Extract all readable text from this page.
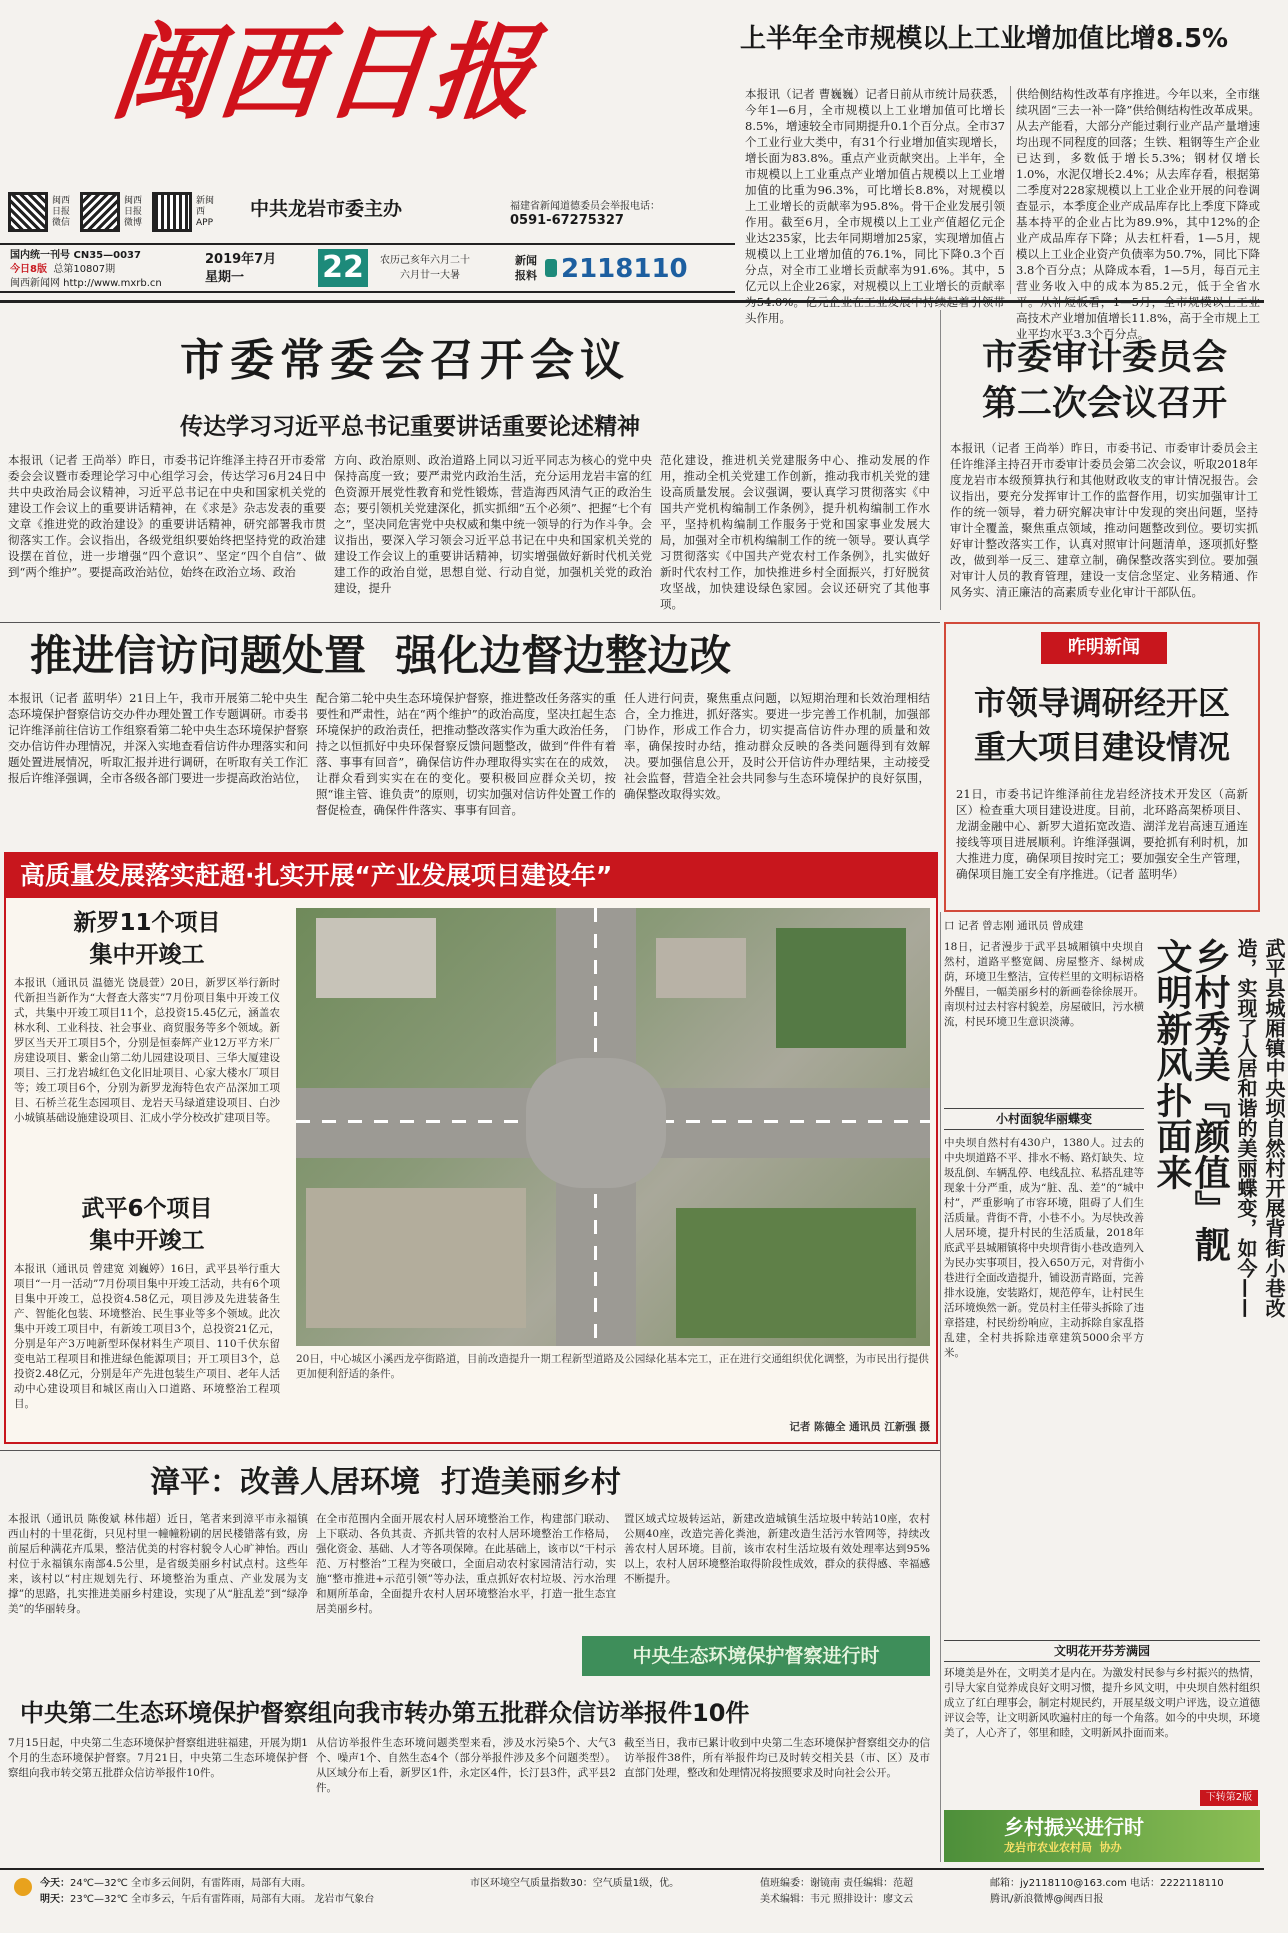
闽西日报
闽西日报微信
闽西日报微博
新闽西APP
中共龙岩市委主办	福建省新闻道德委员会举报电话：
0591-67275327
国内统一刊号 CN35—0037
今日8版 总第10807期
闽西新闻网 http://www.mxrb.cn
2019年7月
星期一	22	农历己亥年六月二十
六月廿一大暑
新闻
报料 2118110
上半年全市规模以上工业增加值比增8.5%
本报讯（记者 曹巍巍）记者日前从市统计局获悉，今年1—6月，全市规模以上工业增加值可比增长8.5%，增速较全市同期提升0.1个百分点。全市37个工业行业大类中，有31个行业增加值实现增长，增长面为83.8%。重点产业贡献突出。上半年，全市规模以上工业重点产业增加值占规模以上工业增加值的比重为96.3%，可比增长8.8%，对规模以上工业增长的贡献率为95.8%。骨干企业发展引领作用。截至6月，全市规模以上工业产值超亿元企业达235家，比去年同期增加25家，实现增加值占规模以上工业增加值的76.1%，同比下降0.3个百分点，对全市工业增长贡献率为91.6%。其中，5亿元以上企业26家，对规模以上工业增长的贡献率 头作用。
供给侧结构性改革有序推进。今年以来，全市继续巩固“三去一补一降”供给侧结构性改革成果。从去产能看，大部分产能过剩行业产品产量增速均出现不同程度的回落；生铁、粗钢等生产企业已达到，多数低于增长5.3%；钢材仅增长1.0%，水泥仅增长2.4%；从去库存看，根据第二季度对228家规模以上工业企业开展的问卷调查显示，本季度企业产成品库存比上季度下降或基本持平的企业占比为89.9%，其中12%的企业产成品库存下降；从去杠杆看，1—5月，规模以上工业企业资产负债率为50.7%，同比下降3.8个百分点；从降成本看，1—5月，每百元主营业务收入中的成本为85.2元，低于全省水 高技术产业增加值增长11.8%，高于全市规上工业平均水平3.3个百分点。
市委常委会召开会议
传达学习习近平总书记重要讲话重要论述精神
本报讯（记者 王尚举）昨日，市委书记许维泽主持召开市委常委会会议暨市委理论学习中心组学习会，传达学习6月24日中共中央政治局会议精神，习近平总书记在中央和国家机关党的建设工作会议上的重要讲话精神，在《求是》杂志发表的重要文章《推进党的政治建设》的重要讲话精神，研究部署我市贯彻落实工作。会议指出，各级党组织要始终把坚持党的政治建设摆在首位，进一步增强“四个意识”、坚定“四个自信”、做到“两个维护”。要提高政治站位，始终在政治立场、政治
方向、政治原则、政治道路上同以习近平同志为核心的党中央保持高度一致；要严肃党内政治生活，充分运用龙岩丰富的红色资源开展党性教育和党性锻炼，营造海西风清气正的政治生态；要引领机关党建深化，抓实抓细“五个必须”、把握“七个有之”，坚决同危害党中央权威和集中统一领导的行为作斗争。会议指出，要深入学习领会习近平总书记在中央和国家机关党的建设工作会议上的重要讲话精神，切实增强做好新时代机关党建工作的政治自觉，思想自觉、行动自觉，加强机关党的政治建设，提升
范化建设，推进机关党建服务中心、推动发展的作用，推动全机关党建工作创新，推动我市机关党的建设高质量发展。会议强调，要认真学习贯彻落实《中国共产党机构编制工作条例》，提升机构编制工作水平，坚持机构编制工作服务于党和国家事业发展大局，加强对全市机构编制工作的统一领导。要认真学习贯彻落实《中国共产党农村工作条例》，扎实做好新时代农村工作，加快推进乡村全面振兴，打好脱贫攻坚战，加快建设绿色家园。会议还研究了其他事项。
市委审计委员会
第二次会议召开
本报讯（记者 王尚举）昨日，市委书记、市委审计委员会主任许维泽主持召开市委审计委员会第二次会议，听取2018年度龙岩市本级预算执行和其他财政收支的审计情况报告。会议指出，要充分发挥审计工作的监督作用，切实加强审计工作的统一领导，着力研究解决审计中发现的突出问题，坚持审计全覆盖，聚焦重点领域，推动问题整改到位。要切实抓好审计整改落实工作，认真对照审计问题清单，逐项抓好整改，做到举一反三、建章立制，确保整改落实到位。要加强对审计人员的教育管理，建设一支信念坚定、业务精通、作风务实、清正廉洁的高素质专业化审计干部队伍。
推进信访问题处置  强化边督边整边改
本报讯（记者 蓝明华）21日上午，我市开展第二轮中央生态环境保护督察信访交办件办理处置工作专题调研。市委书记许维泽前往信访工作组察看第二轮中央生态环境保护督察交办信访件办理情况，并深入实地查看信访件办理落实和问题处置进展情况，听取汇报并进行调研，在听取有关工作汇报后许维泽强调，全市各级各部门要进一步提高政治站位，
配合第二轮中央生态环境保护督察，推进整改任务落实的重要性和严肃性，站在“两个维护”的政治高度，坚决扛起生态环境保护的政治责任，把推动整改落实作为重大政治任务，持之以恒抓好中央环保督察反馈问题整改，做到“件件有着落、事事有回音”，确保信访件办理取得实实在在的成效，让群众看到实实在在的变化。要积极回应群众关切，按照“谁主管、谁负责”的原则，切实加强对信访件处置工作的督促检查，确保件件落实、事事有回音。
任人进行问责，聚焦重点问题，以短期治理和长效治理相结合，全力推进，抓好落实。要进一步完善工作机制，加强部门协作，形成工作合力，切实提高信访件办理的质量和效率，确保按时办结，推动群众反映的各类问题得到有效解决。要加强信息公开，及时公开信访件办理结果，主动接受社会监督，营造全社会共同参与生态环境保护的良好氛围，确保整改取得实效。
昨明新闻
市领导调研经开区
重大项目建设情况
21日，市委书记许维泽前往龙岩经济技术开发区（高新区）检查重大项目建设进度。目前，北环路高架桥项目、龙湖金融中心、新罗大道拓宽改造、湖洋龙岩高速互通连接线等项目进展顺利。许维泽强调，要抢抓有利时机，加大推进力度，确保项目按时完工；要加强安全生产管理，确保项目施工安全有序推进。（记者 蓝明华）
高质量发展落实赶超·扎实开展“产业发展项目建设年”
新罗11个项目
集中开竣工
本报讯（通讯员 温德光 饶晨萱）20日，新罗区举行新时代新担当新作为“大督查大落实”7月份项目集中开竣工仪式，共集中开竣工项目11个，总投资15.45亿元，涵盖农林水利、工业科技、社会事业、商贸服务等多个领域。新罗区当天开工项目5个，分别是恒泰辉产业12万平方米厂房建设项目、紫金山第二幼儿园建设项目、三华大厦建设项目、三打龙岩城红色文化旧址项目、心家大楼水厂项目等；竣工项目6个，分别为新罗龙海特色农产品深加工项目、石桥兰花生态园项目、龙岩天马绿道建设项目、白沙小城镇基础设施建设项目、汇成小学分校改扩建项目等。
武平6个项目
集中开竣工
本报讯（通讯员 曾建宽 刘巍婷）16日，武平县举行重大项目“一月一活动”7月份项目集中开竣工活动，共有6个项目集中开竣工，总投资4.58亿元，项目涉及先进装备生产、智能化包装、环境整治、民生事业等多个领域。此次集中开竣工项目中，有新竣工项目3个，总投资21亿元，分别是年产3万吨新型环保材料生产项目、110千伏东留变电站工程项目和推进绿色能源项目；开工项目3个，总投资2.48亿元，分别是年产先进包装生产项目、老年人活动中心建设项目和城区南山入口道路、环境整治工程项目。
20日，中心城区小溪西龙亭街路道，目前改造提升一期工程新型道路及公园绿化基本完工，正在进行交通组织优化调整，为市民出行提供更加便利舒适的条件。
记者 陈德全 通讯员 江新强 摄
口 记者 曾志刚 通讯员 曾成建
武平县城厢镇中央坝自然村开展背街小巷改造，实现了人居和谐的美丽蝶变，如今——
乡村秀美『颜值』靓
文明新风扑面来
18日，记者漫步于武平县城厢镇中央坝自然村，道路平整宽阔、房屋整齐、绿树成荫，环境卫生整洁，宣传栏里的文明标语格外醒目，一幅美丽乡村的新画卷徐徐展开。南坝村过去村容村貌差，房屋破旧，污水横流，村民环境卫生意识淡薄。
小村面貌华丽蝶变
中央坝自然村有430户，1380人。过去的中央坝道路不平、排水不畅、路灯缺失、垃圾乱倒、车辆乱停、电线乱拉、私搭乱建等现象十分严重，成为“脏、乱、差”的“城中村”，严重影响了市容环境，阻碍了人们生活质量。背街不背，小巷不小。为尽快改善人居环境，提升村民的生活质量，2018年底武平县城厢镇将中央坝背街小巷改造列入为民办实事项目，投入650万元，对背街小巷进行全面改造提升，铺设沥青路面，完善排水设施，安装路灯，规范停车，让村民生活环境焕然一新。党员村主任带头拆除了违章搭建，村民纷纷响应，主动拆除自家乱搭乱建，全村共拆除违章建筑5000余平方米。
文明花开芬芳满园
环境美是外在，文明美才是内在。为激发村民参与乡村振兴的热情，引导大家自觉养成良好文明习惯，提升乡风文明，中央坝自然村组织成立了红白理事会，制定村规民约，开展星级文明户评选，设立道德评议会等，让文明新风吹遍村庄的每一个角落。如今的中央坝，环境美了，人心齐了，邻里和睦，文明新风扑面而来。
下转第2版
漳平：改善人居环境  打造美丽乡村
本报讯（通讯员 陈俊斌 林伟超）近日，笔者来到漳平市永福镇西山村的十里花街，只见村里一幢幢粉刷的居民楼错落有致，房前屋后种满花卉瓜果，整洁优美的村容村貌令人心旷神怡。西山村位于永福镇东南部4.5公里，是省级美丽乡村试点村。这些年来，该村以“村庄规划先行、环境整治为重点、产业发展为支撑”的思路，扎实推进美丽乡村建设，实现了从“脏乱差”到“绿净美”的华丽转身。
在全市范围内全面开展农村人居环境整治工作，构建部门联动、上下联动、各负其责、齐抓共管的农村人居环境整治工作格局，强化资金、基础、人才等各项保障。在此基础上，该市以“干村示范、万村整治”工程为突破口，全面启动农村家园清洁行动，实施“整市推进+示范引领”等办法，重点抓好农村垃圾、污水治理和厕所革命，全面提升农村人居环境整治水平，打造一批生态宜居美丽乡村。
置区域式垃圾转运站，新建改造城镇生活垃圾中转站10座，农村公厕40座，改造完善化粪池，新建改造生活污水管网等，持续改善农村人居环境。目前，该市农村生活垃圾有效处理率达到95%以上，农村人居环境整治取得阶段性成效，群众的获得感、幸福感不断提升。
中央生态环境保护督察进行时
中央第二生态环境保护督察组向我市转办第五批群众信访举报件10件
7月15日起，中央第二生态环境保护督察组进驻福建，开展为期1个月的生态环境保护督察。7月21日，中央第二生态环境保护督察组向我市转交第五批群众信访举报件10件。
从信访举报件生态环境问题类型来看，涉及水污染5个、大气3个、噪声1个、自然生态4个（部分举报件涉及多个问题类型）。从区域分布上看，新罗区1件，永定区4件，长汀县3件，武平县2件。
截至当日，我市已累计收到中央第二生态环境保护督察组交办的信访举报件38件，所有举报件均已及时转交相关县（市、区）及市直部门处理，整改和处理情况将按照要求及时向社会公开。
乡村振兴进行时
龙岩市农业农村局  协办
今天：24℃—32℃ 全市多云间阴，有雷阵雨，局部有大雨。
明天：23℃—32℃ 全市多云，午后有雷阵雨，局部有大雨。 龙岩市气象台
市区环境空气质量指数30：空气质量1级，优。	值班编委：谢镜南 责任编辑：范超
美术编辑：韦元 照排设计：廖文云
邮箱：jy2118110@163.com 电话：2222118110
腾讯/新浪微博@闽西日报
